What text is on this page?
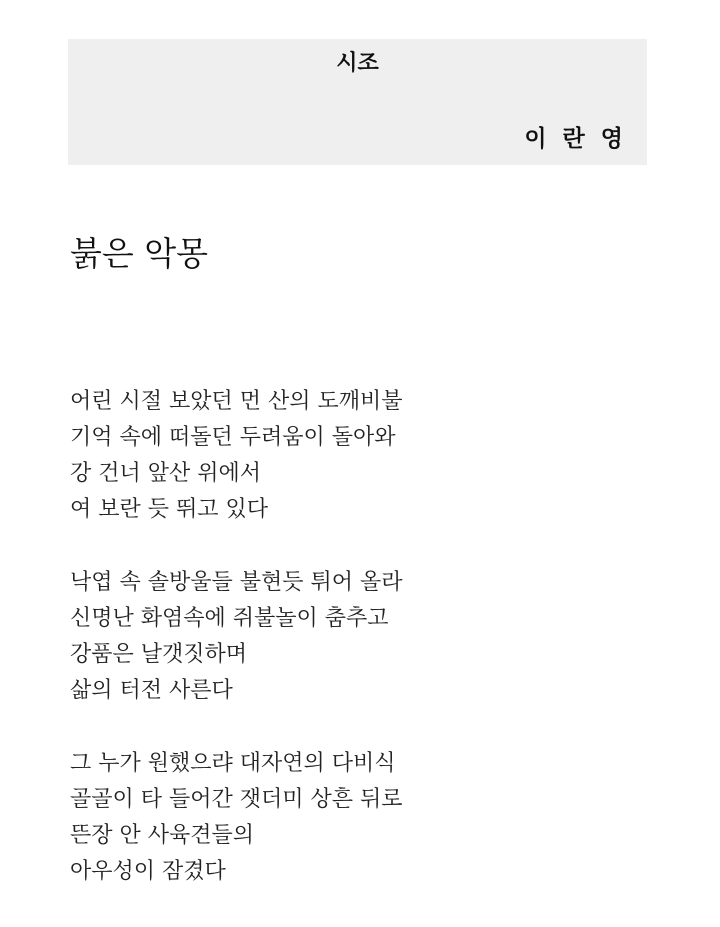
시조
이 란 영
붉은 악몽
어린 시절 보았던 먼 산의 도깨비불
기억 속에 떠돌던 두려움이 돌아와
강 건너 앞산 위에서
여 보란 듯 뛰고 있다
낙엽 속 솔방울들 불현듯 튀어 올라
신명난 화염속에 쥐불놀이 춤추고
강품은 날갯짓하며
삶의 터전 사른다
그 누가 원했으랴 대자연의 다비식
골골이 타 들어간 잿더미 상흔 뒤로
뜬장 안 사육견들의
아우성이 잠겼다
